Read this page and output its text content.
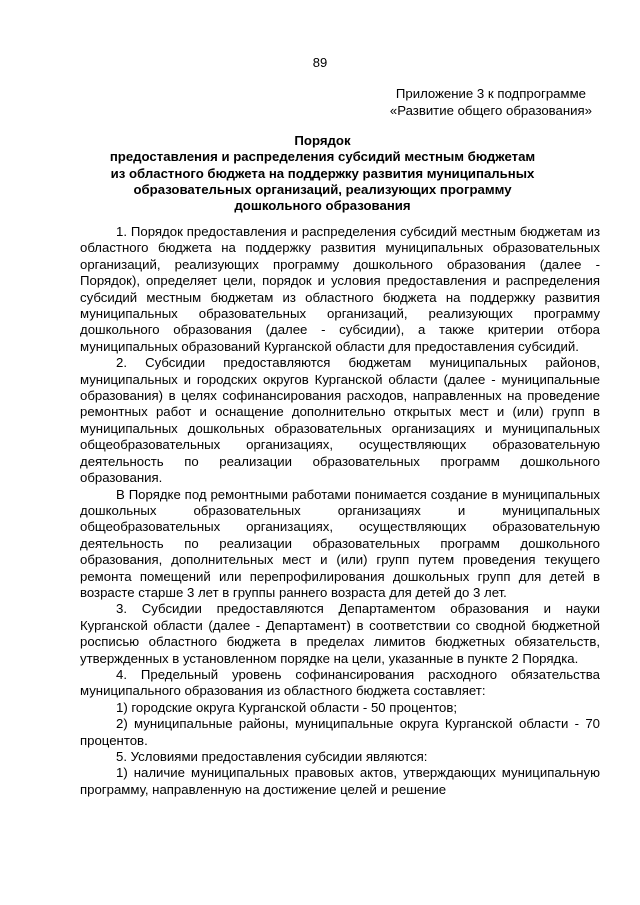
89
Приложение 3 к подпрограмме
«Развитие общего образования»
Порядок
предоставления и распределения субсидий местным бюджетам
из областного бюджета на поддержку развития муниципальных
образовательных организаций, реализующих программу
дошкольного образования

1. Порядок предоставления и распределения субсидий местным бюджетам из областного бюджета на поддержку развития муниципальных образовательных организаций, реализующих программу дошкольного образования (далее - Порядок), определяет цели, порядок и условия предоставления и распределения субсидий местным бюджетам из областного бюджета на поддержку развития муниципальных образовательных организаций, реализующих программу дошкольного образования (далее - субсидии), а также критерии отбора муниципальных образований Курганской области для предоставления субсидий.

2. Субсидии предоставляются бюджетам муниципальных районов, муниципальных и городских округов Курганской области (далее - муниципальные образования) в целях софинансирования расходов, направленных на проведение ремонтных работ и оснащение дополнительно открытых мест и (или) групп в муниципальных дошкольных образовательных организациях и муниципальных общеобразовательных организациях, осуществляющих образовательную деятельность по реализации образовательных программ дошкольного образования.

В Порядке под ремонтными работами понимается создание в муниципальных дошкольных образовательных организациях и муниципальных общеобразовательных организациях, осуществляющих образовательную деятельность по реализации образовательных программ дошкольного образования, дополнительных мест и (или) групп путем проведения текущего ремонта помещений или перепрофилирования дошкольных групп для детей в возрасте старше 3 лет в группы раннего возраста для детей до 3 лет.

3. Субсидии предоставляются Департаментом образования и науки Курганской области (далее - Департамент) в соответствии со сводной бюджетной росписью областного бюджета в пределах лимитов бюджетных обязательств, утвержденных в установленном порядке на цели, указанные в пункте 2 Порядка.

4. Предельный уровень софинансирования расходного обязательства муниципального образования из областного бюджета составляет:

1) городские округа Курганской области - 50 процентов;

2) муниципальные районы, муниципальные округа Курганской области - 70 процентов.

5. Условиями предоставления субсидии являются:

1) наличие муниципальных правовых актов, утверждающих муниципальную программу, направленную на достижение целей и решение
